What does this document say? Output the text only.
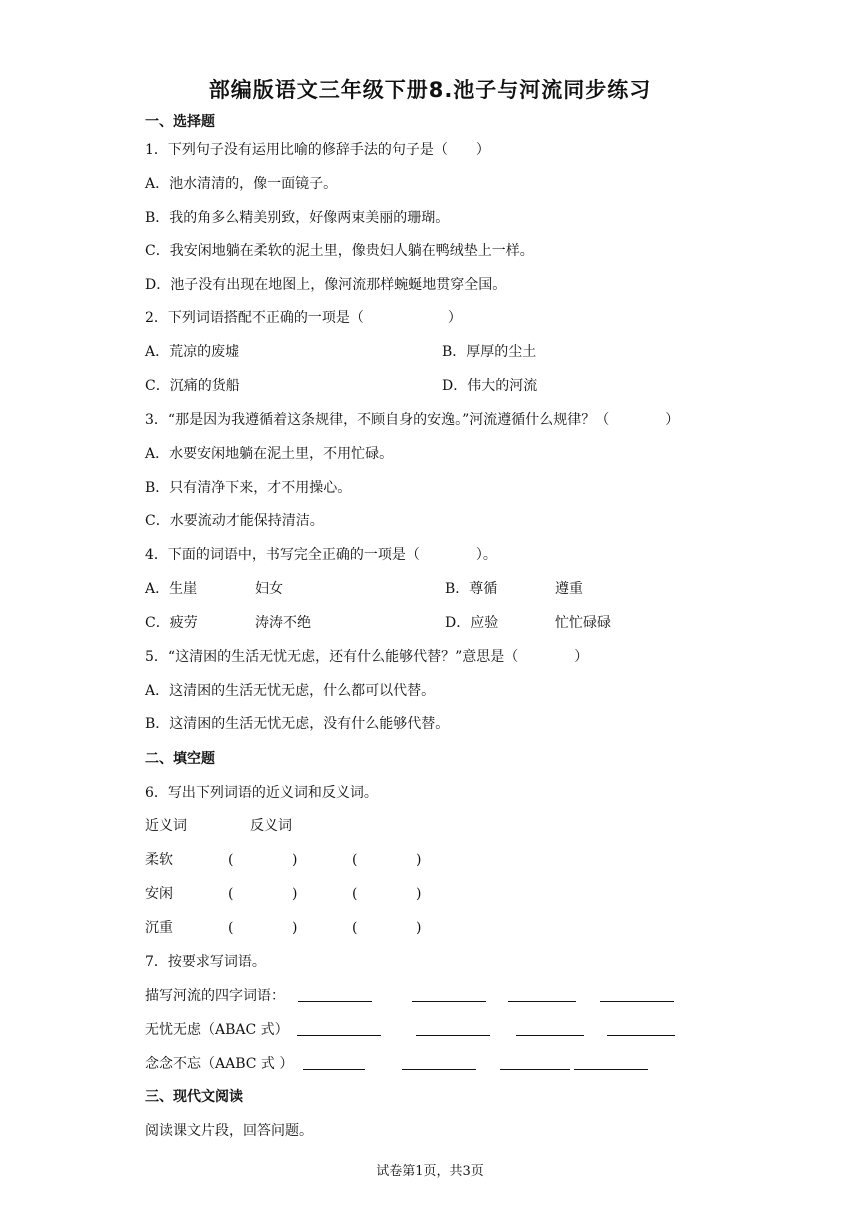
部编版语文三年级下册8.池子与河流同步练习
一、选择题
1．下列句子没有运用比喻的修辞手法的句子是（　　）
A．池水清清的，像一面镜子。
B．我的角多么精美别致，好像两束美丽的珊瑚。
C．我安闲地躺在柔软的泥土里，像贵妇人躺在鸭绒垫上一样。
D．池子没有出现在地图上，像河流那样蜿蜒地贯穿全国。
2．下列词语搭配不正确的一项是（　　　　　　）
A．荒凉的废墟	B．厚厚的尘土
C．沉痛的货船	D．伟大的河流
3．“那是因为我遵循着这条规律，不顾自身的安逸。”河流遵循什么规律？（　　　　）
A．水要安闲地躺在泥土里，不用忙碌。
B．只有清净下来，才不用操心。
C．水要流动才能保持清洁。
4．下面的词语中，书写完全正确的一项是（　　　　）。
A．生崖	妇女	B．尊循	遵重
C．疲劳	涛涛不绝	D．应验	忙忙碌碌
5．“这清困的生活无忧无虑，还有什么能够代替？”意思是（　　　　）
A．这清困的生活无忧无虑，什么都可以代替。
B．这清困的生活无忧无虑，没有什么能够代替。
二、填空题
6．写出下列词语的近义词和反义词。
近义词	反义词
柔软	(	)	(	)
安闲	(	)	(	)
沉重	(	)	(	)
7．按要求写词语。
描写河流的四字词语：
无忧无虑（ABAC 式）
念念不忘（AABC 式 ）
三、现代文阅读
阅读课文片段，回答问题。
试卷第1页，共3页
